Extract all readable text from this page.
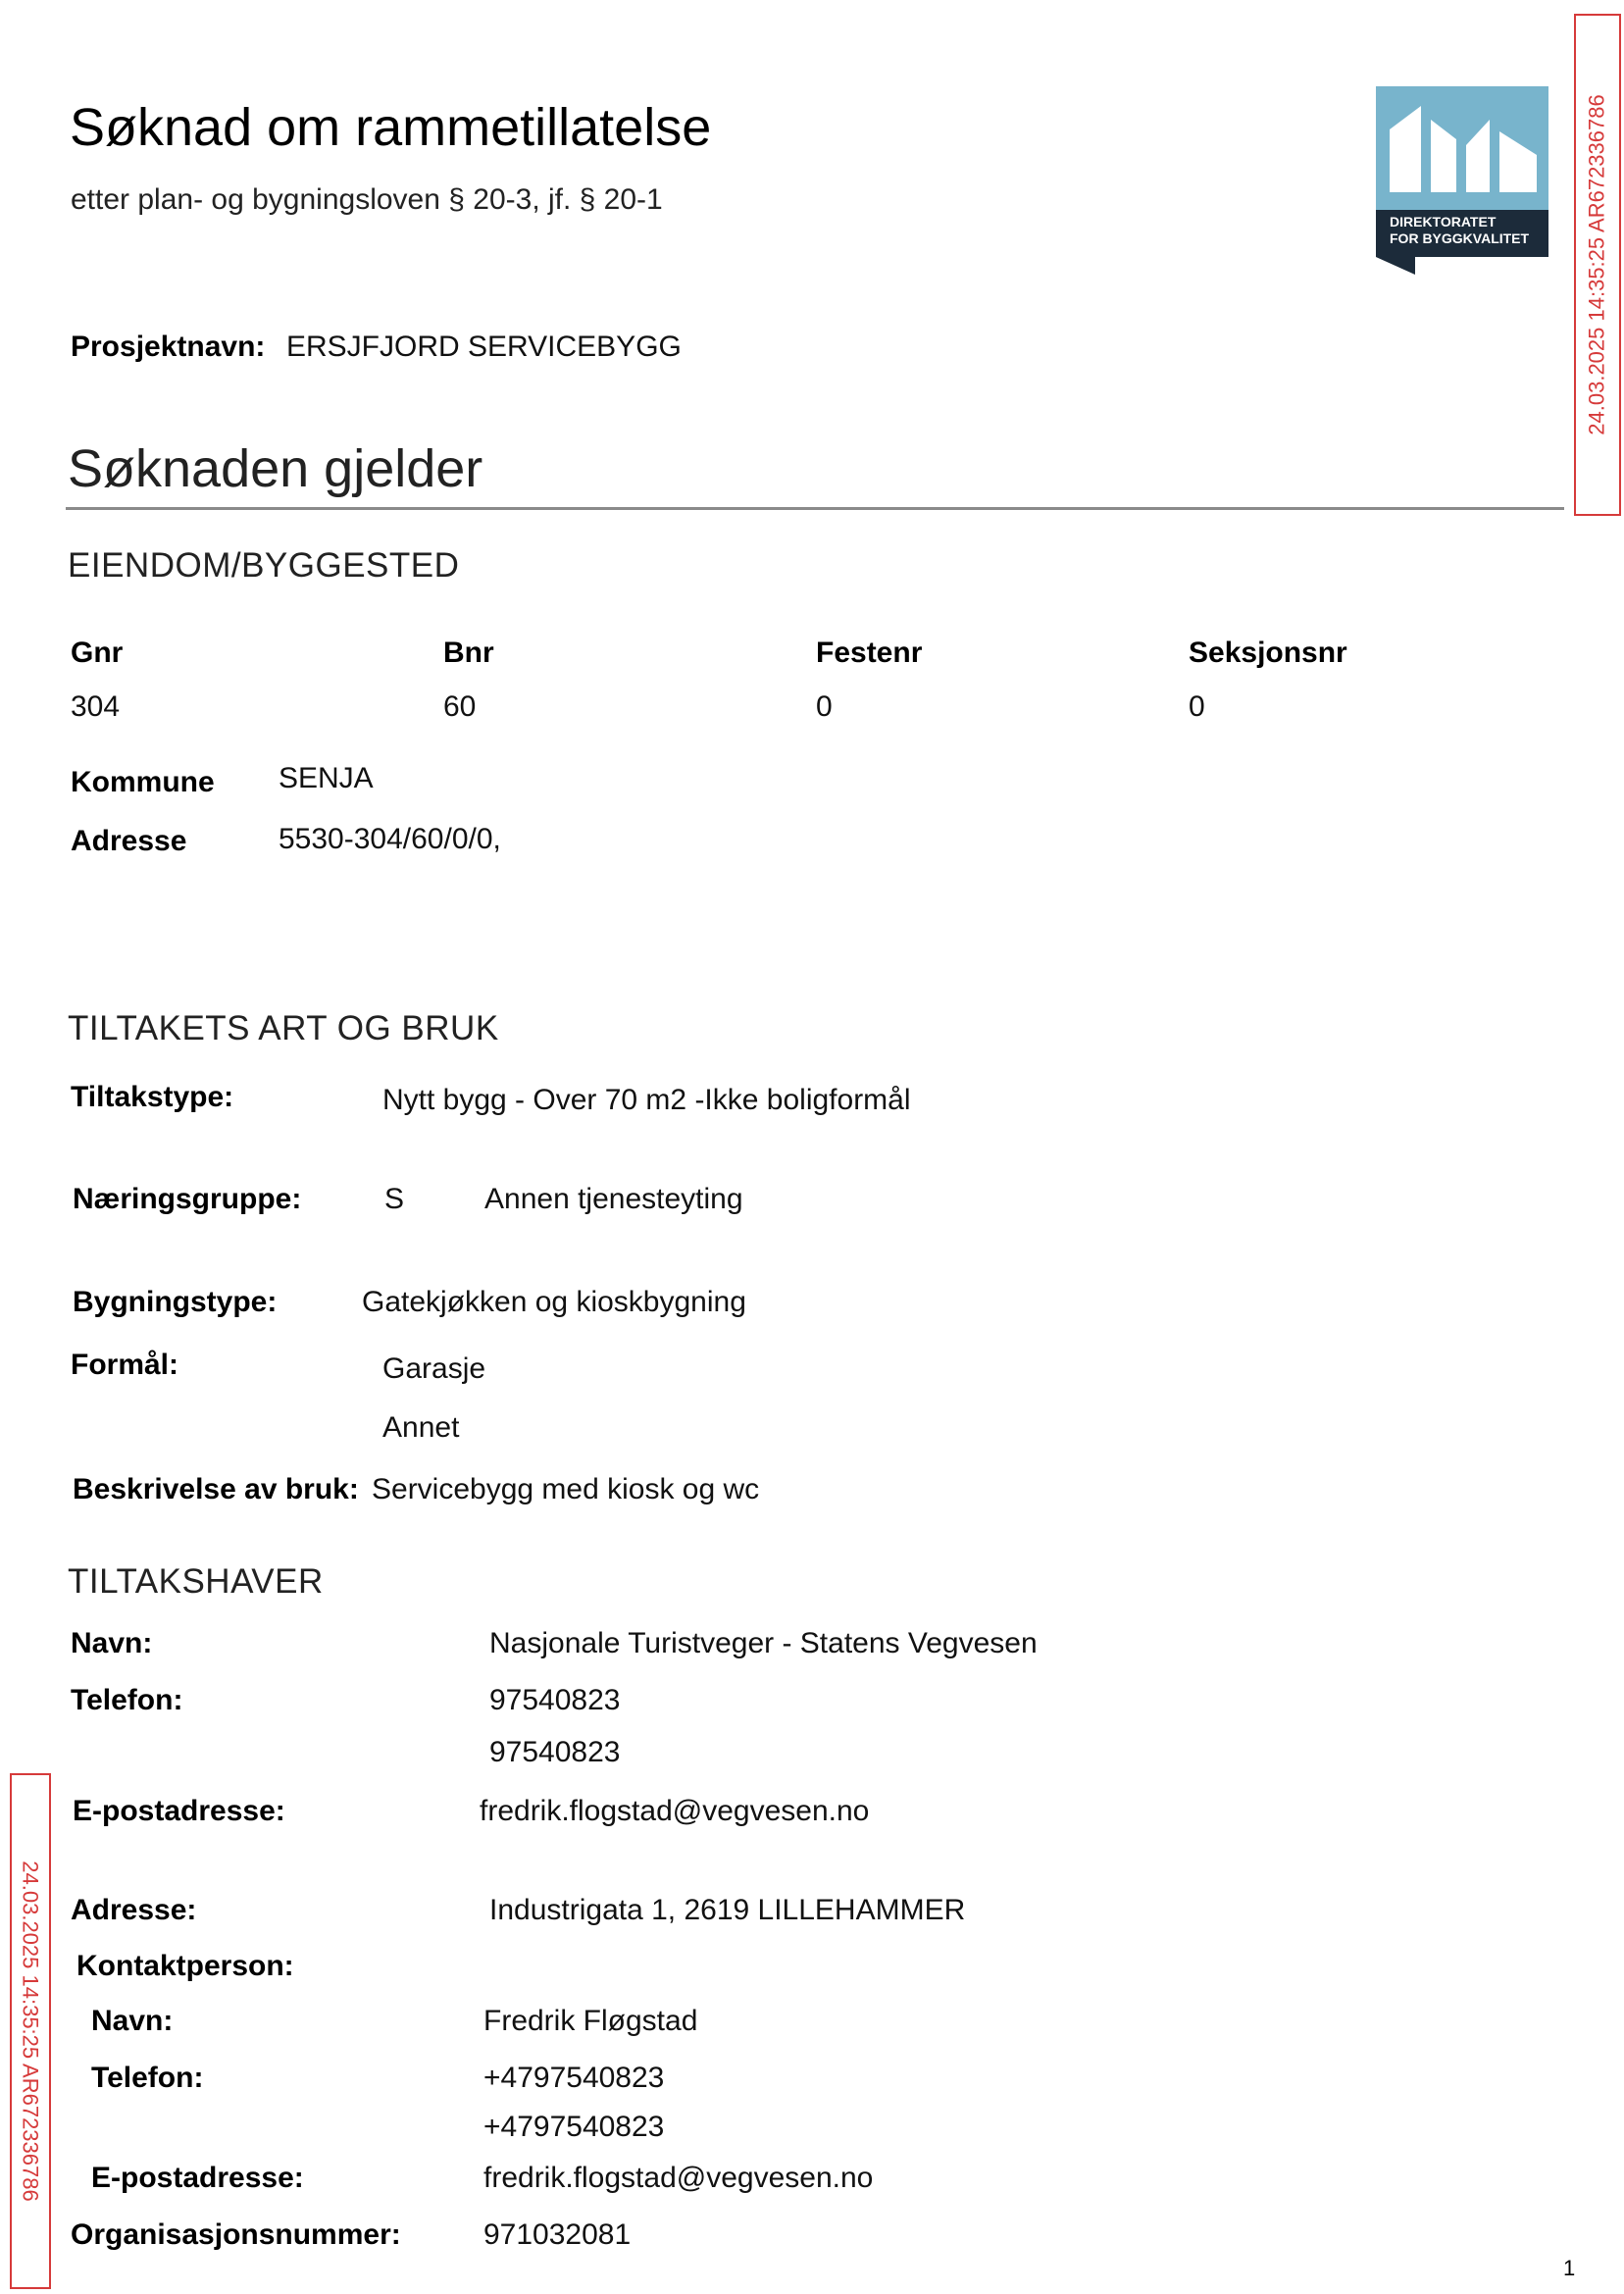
Søknad om rammetillatelse
etter plan- og bygningsloven § 20-3, jf. § 20-1
DIREKTORATET
FOR BYGGKVALITET	24.03.2025 14:35:25 AR672336786
24.03.2025 14:35:25 AR672336786
Prosjektnavn: ERSJFJORD SERVICEBYGG
Søknaden gjelder
EIENDOM/BYGGESTED
Gnr	Bnr	Festenr	Seksjonsnr
304	60	0	0
Kommune SENJA
Adresse	5530-304/60/0/0,
TILTAKETS ART OG BRUK
Tiltakstype:	Nytt bygg - Over 70 m2 -Ikke boligformål
Næringsgruppe:	S	Annen tjenesteyting
Bygningstype:	Gatekjøkken og kioskbygning
Formål:	Garasje
Annet
Beskrivelse av bruk: Servicebygg med kiosk og wc
TILTAKSHAVER
Navn:	Nasjonale Turistveger - Statens Vegvesen
Telefon:	97540823
97540823
E-postadresse:	fredrik.flogstad@vegvesen.no
Adresse:	Industrigata 1, 2619 LILLEHAMMER
Kontaktperson:
Navn:	Fredrik Fløgstad
Telefon:	+4797540823
+4797540823
E-postadresse:	fredrik.flogstad@vegvesen.no
Organisasjonsnummer:	971032081
1
